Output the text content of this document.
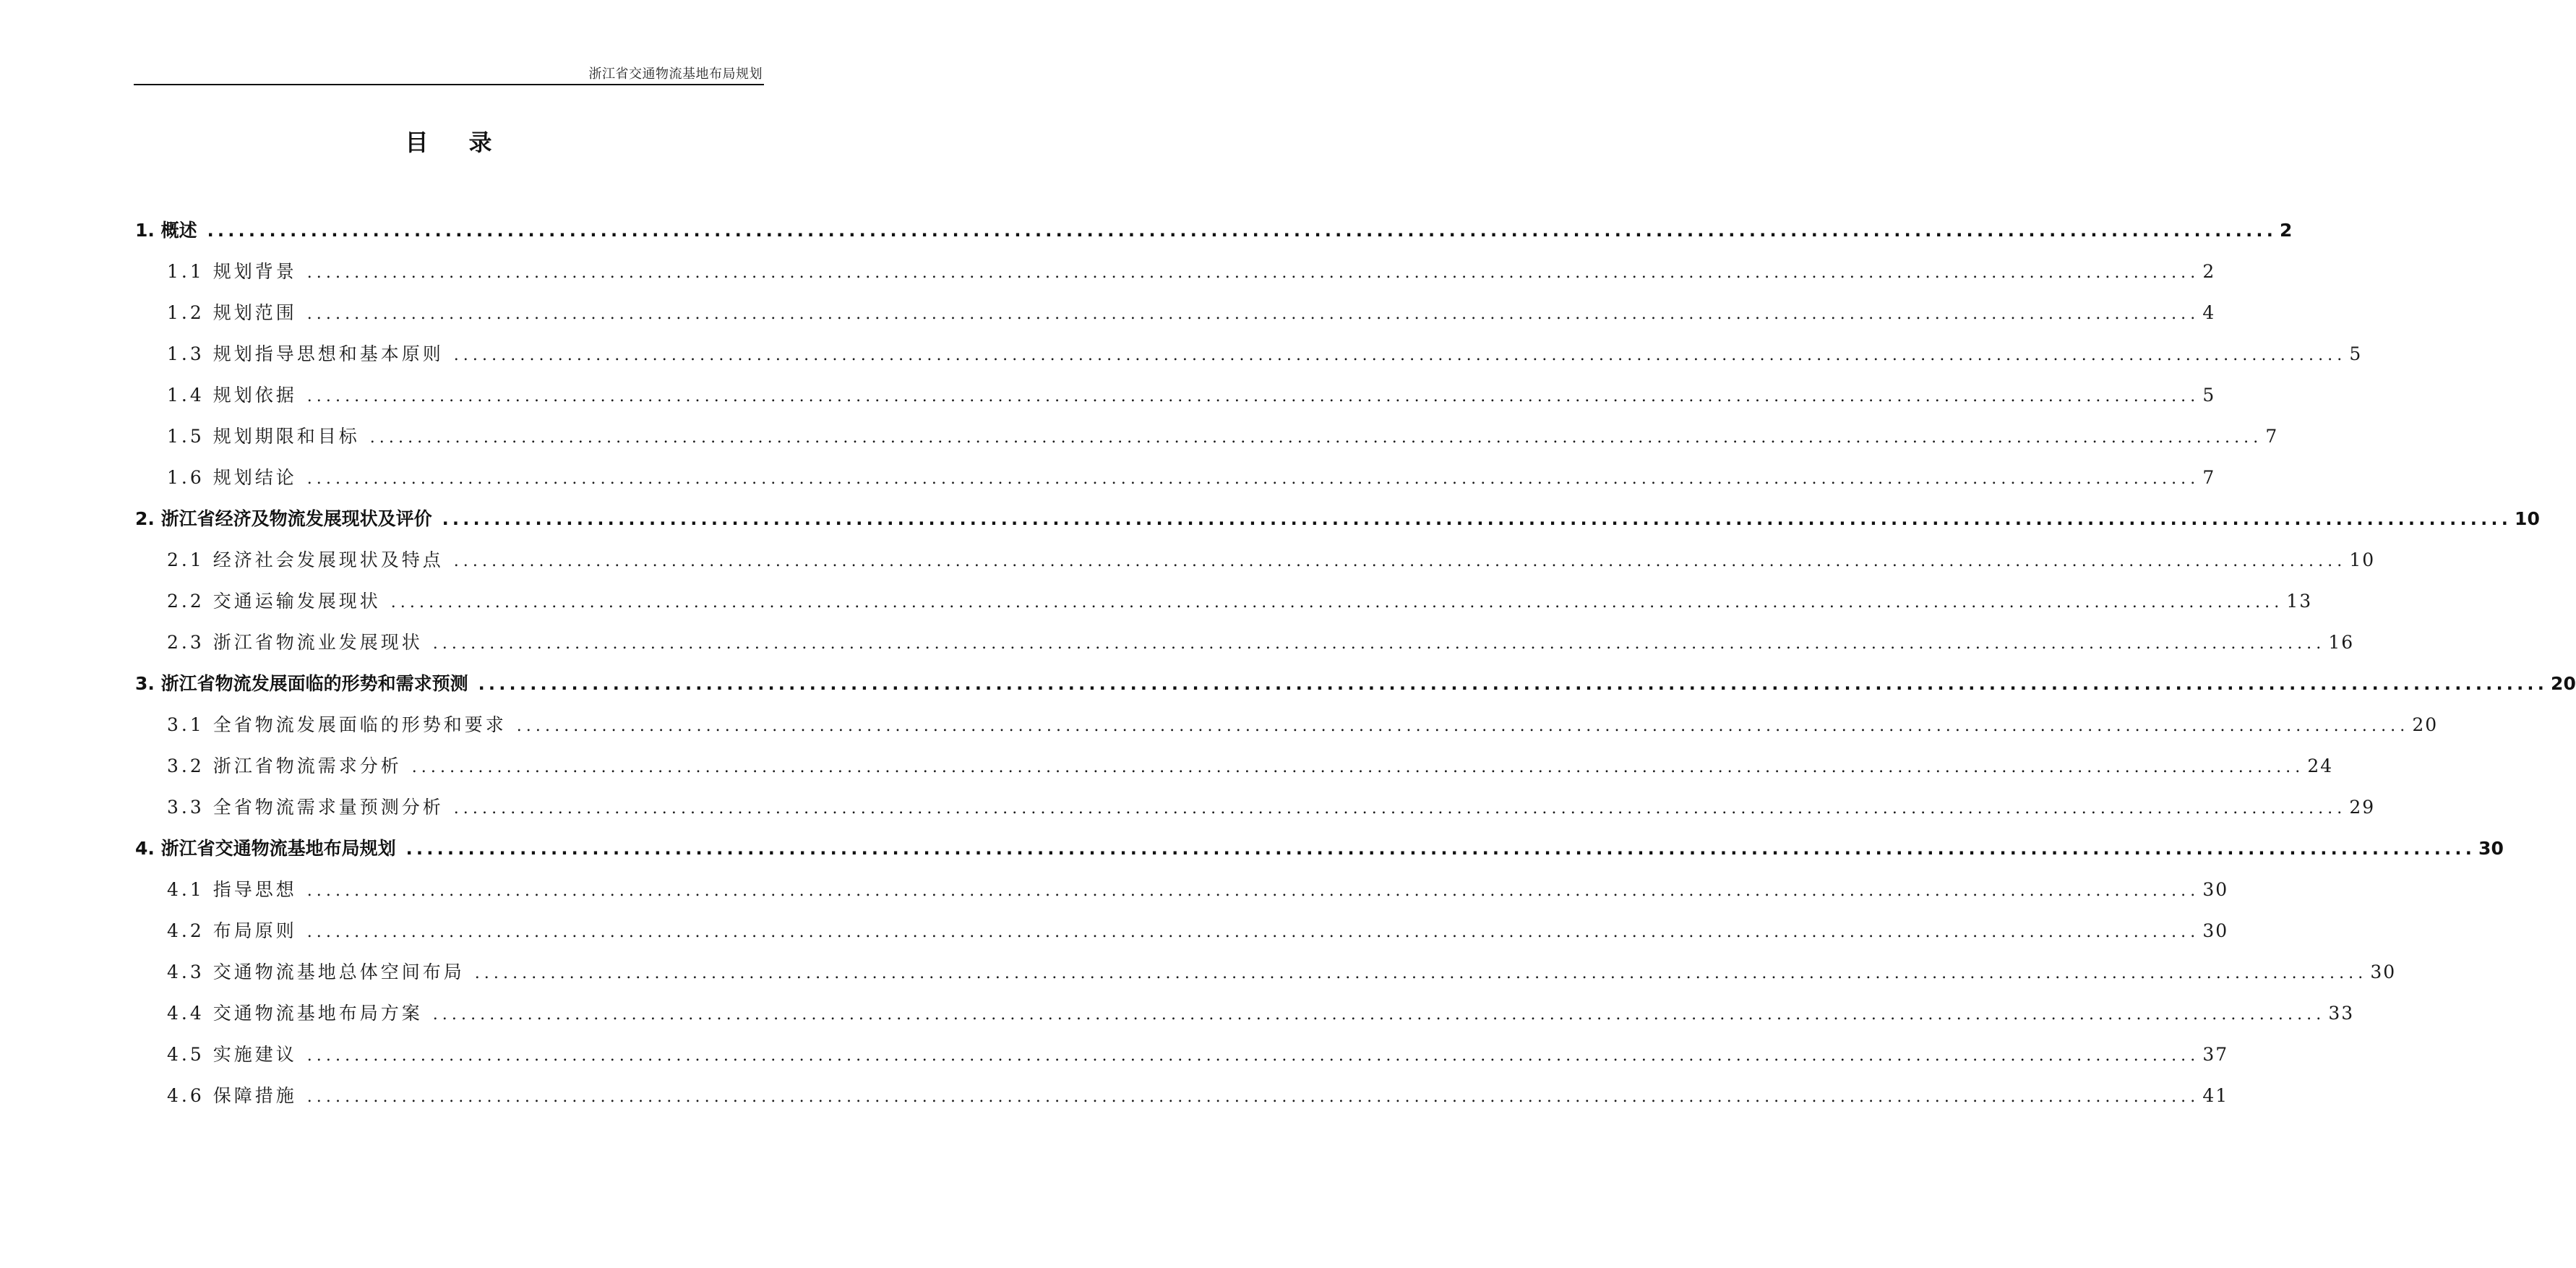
浙江省交通物流基地布局规划
目 录
1. 概述 ........................................................................................................................................................................................................ 2
1.1 规划背景 ........................................................................................................................................................................................................ 2
1.2 规划范围 ........................................................................................................................................................................................................ 4
1.3 规划指导思想和基本原则 ........................................................................................................................................................................................................ 5
1.4 规划依据 ........................................................................................................................................................................................................ 5
1.5 规划期限和目标 ........................................................................................................................................................................................................ 7
1.6 规划结论 ........................................................................................................................................................................................................ 7
2. 浙江省经济及物流发展现状及评价 ........................................................................................................................................................................................................ 10
2.1 经济社会发展现状及特点 ........................................................................................................................................................................................................ 10
2.2 交通运输发展现状 ........................................................................................................................................................................................................ 13
2.3 浙江省物流业发展现状 ........................................................................................................................................................................................................ 16
3. 浙江省物流发展面临的形势和需求预测 ........................................................................................................................................................................................................ 20
3.1 全省物流发展面临的形势和要求 ........................................................................................................................................................................................................ 20
3.2 浙江省物流需求分析 ........................................................................................................................................................................................................ 24
3.3 全省物流需求量预测分析 ........................................................................................................................................................................................................ 29
4. 浙江省交通物流基地布局规划 ........................................................................................................................................................................................................ 30
4.1 指导思想 ........................................................................................................................................................................................................ 30
4.2 布局原则 ........................................................................................................................................................................................................ 30
4.3 交通物流基地总体空间布局 ........................................................................................................................................................................................................ 30
4.4 交通物流基地布局方案 ........................................................................................................................................................................................................ 33
4.5 实施建议 ........................................................................................................................................................................................................ 37
4.6 保障措施 ........................................................................................................................................................................................................ 41
